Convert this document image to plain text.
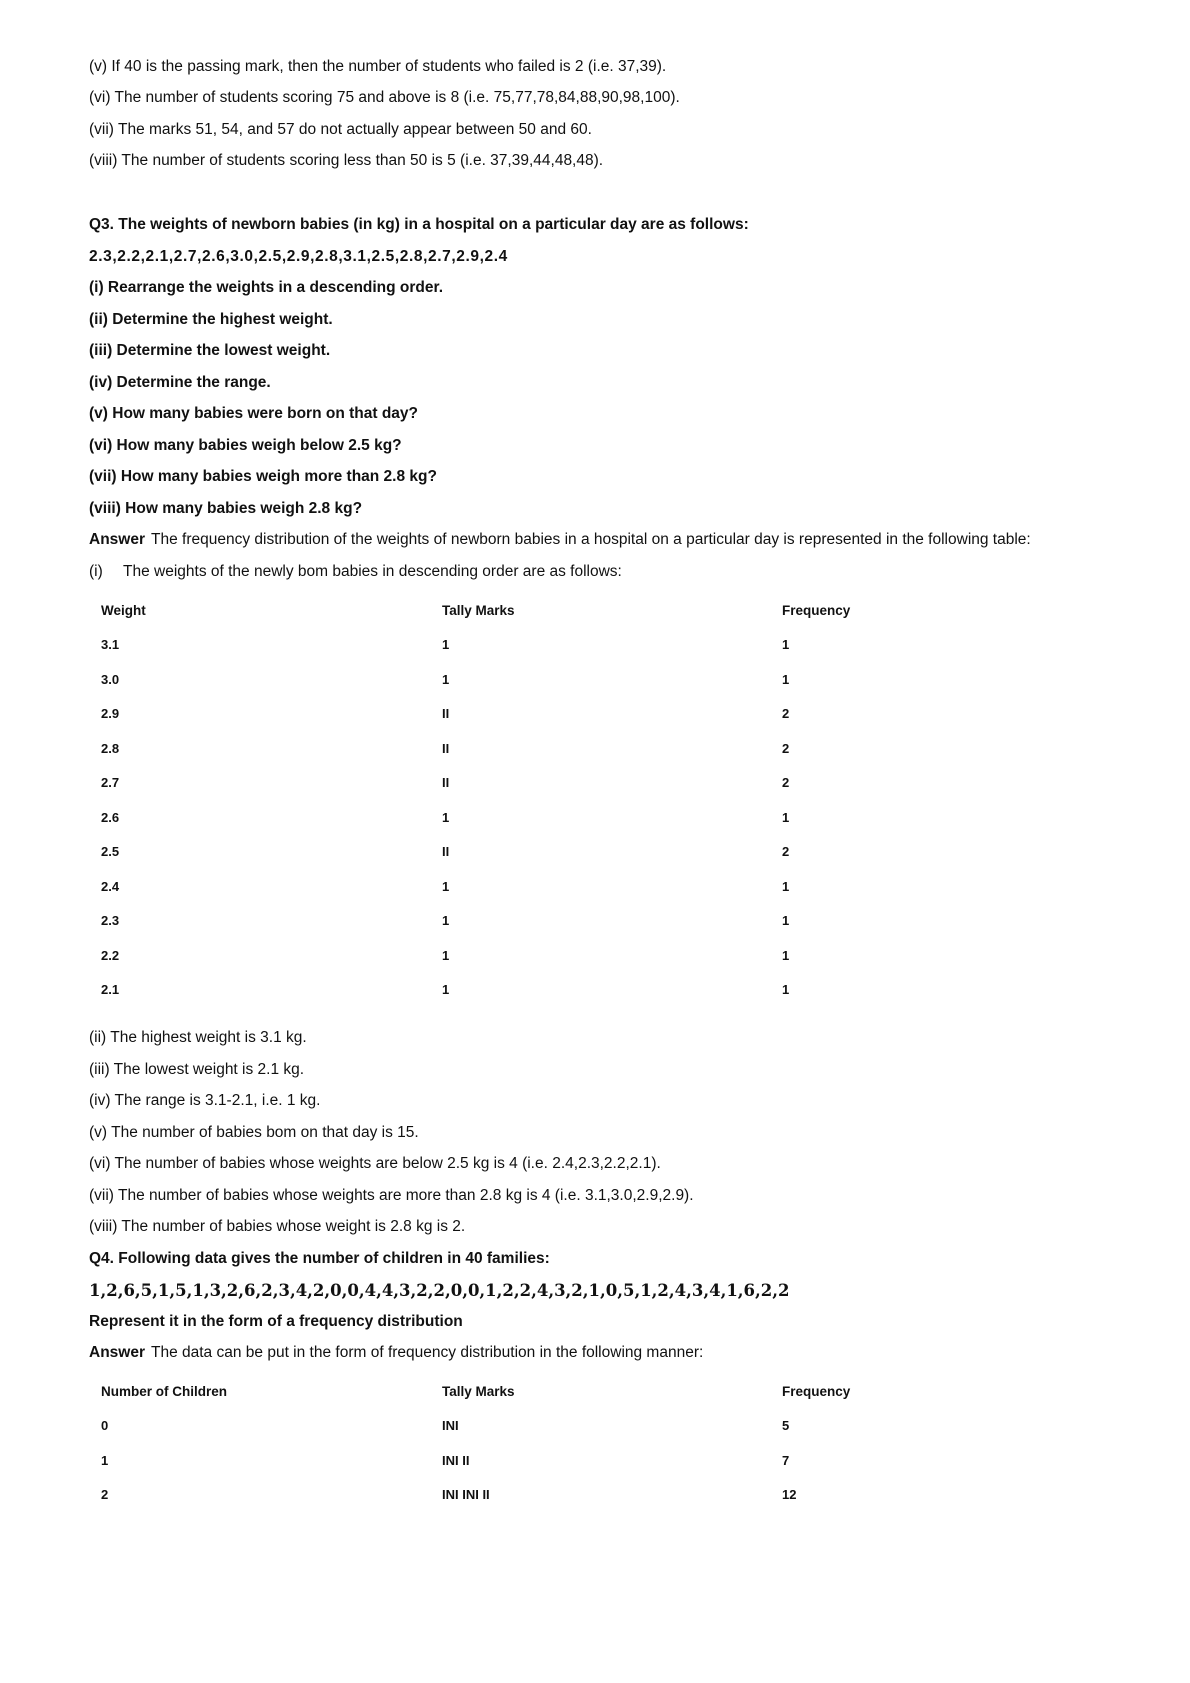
(v) If 40 is the passing mark, then the number of students who failed is 2 (i.e. 37,39).
(vi) The number of students scoring 75 and above is 8 (i.e. 75,77,78,84,88,90,98,100).
(vii) The marks 51, 54, and 57 do not actually appear between 50 and 60.
(viii) The number of students scoring less than 50 is 5 (i.e. 37,39,44,48,48).
Q3. The weights of newborn babies (in kg) in a hospital on a particular day are as follows:
2.3,2.2,2.1,2.7,2.6,3.0,2.5,2.9,2.8,3.1,2.5,2.8,2.7,2.9,2.4
(i) Rearrange the weights in a descending order.
(ii) Determine the highest weight.
(iii) Determine the lowest weight.
(iv) Determine the range.
(v) How many babies were born on that day?
(vi) How many babies weigh below 2.5 kg?
(vii) How many babies weigh more than 2.8 kg?
(viii) How many babies weigh 2.8 kg?
Answer The frequency distribution of the weights of newborn babies in a hospital on a particular day is represented in the following table:
(i) The weights of the newly bom babies in descending order are as follows:
Weight	Tally Marks	Frequency
3.1	1	1
3.0	1	1
2.9	II	2
2.8	II	2
2.7	II	2
2.6	1	1
2.5	II	2
2.4	1	1
2.3	1	1
2.2	1	1
2.1	1	1
(ii) The highest weight is 3.1 kg.
(iii) The lowest weight is 2.1 kg.
(iv) The range is 3.1-2.1, i.e. 1 kg.
(v) The number of babies bom on that day is 15.
(vi) The number of babies whose weights are below 2.5 kg is 4 (i.e. 2.4,2.3,2.2,2.1).
(vii) The number of babies whose weights are more than 2.8 kg is 4 (i.e. 3.1,3.0,2.9,2.9).
(viii) The number of babies whose weight is 2.8 kg is 2.
Q4. Following data gives the number of children in 40 families:
1,2,6,5,1,5,1,3,2,6,2,3,4,2,0,0,4,4,3,2,2,0,0,1,2,2,4,3,2,1,0,5,1,2,4,3,4,1,6,2,2
Represent it in the form of a frequency distribution
Answer The data can be put in the form of frequency distribution in the following manner:
Number of Children	Tally Marks	Frequency
0	INI	5
1	INI II	7
2	INI INI II	12
